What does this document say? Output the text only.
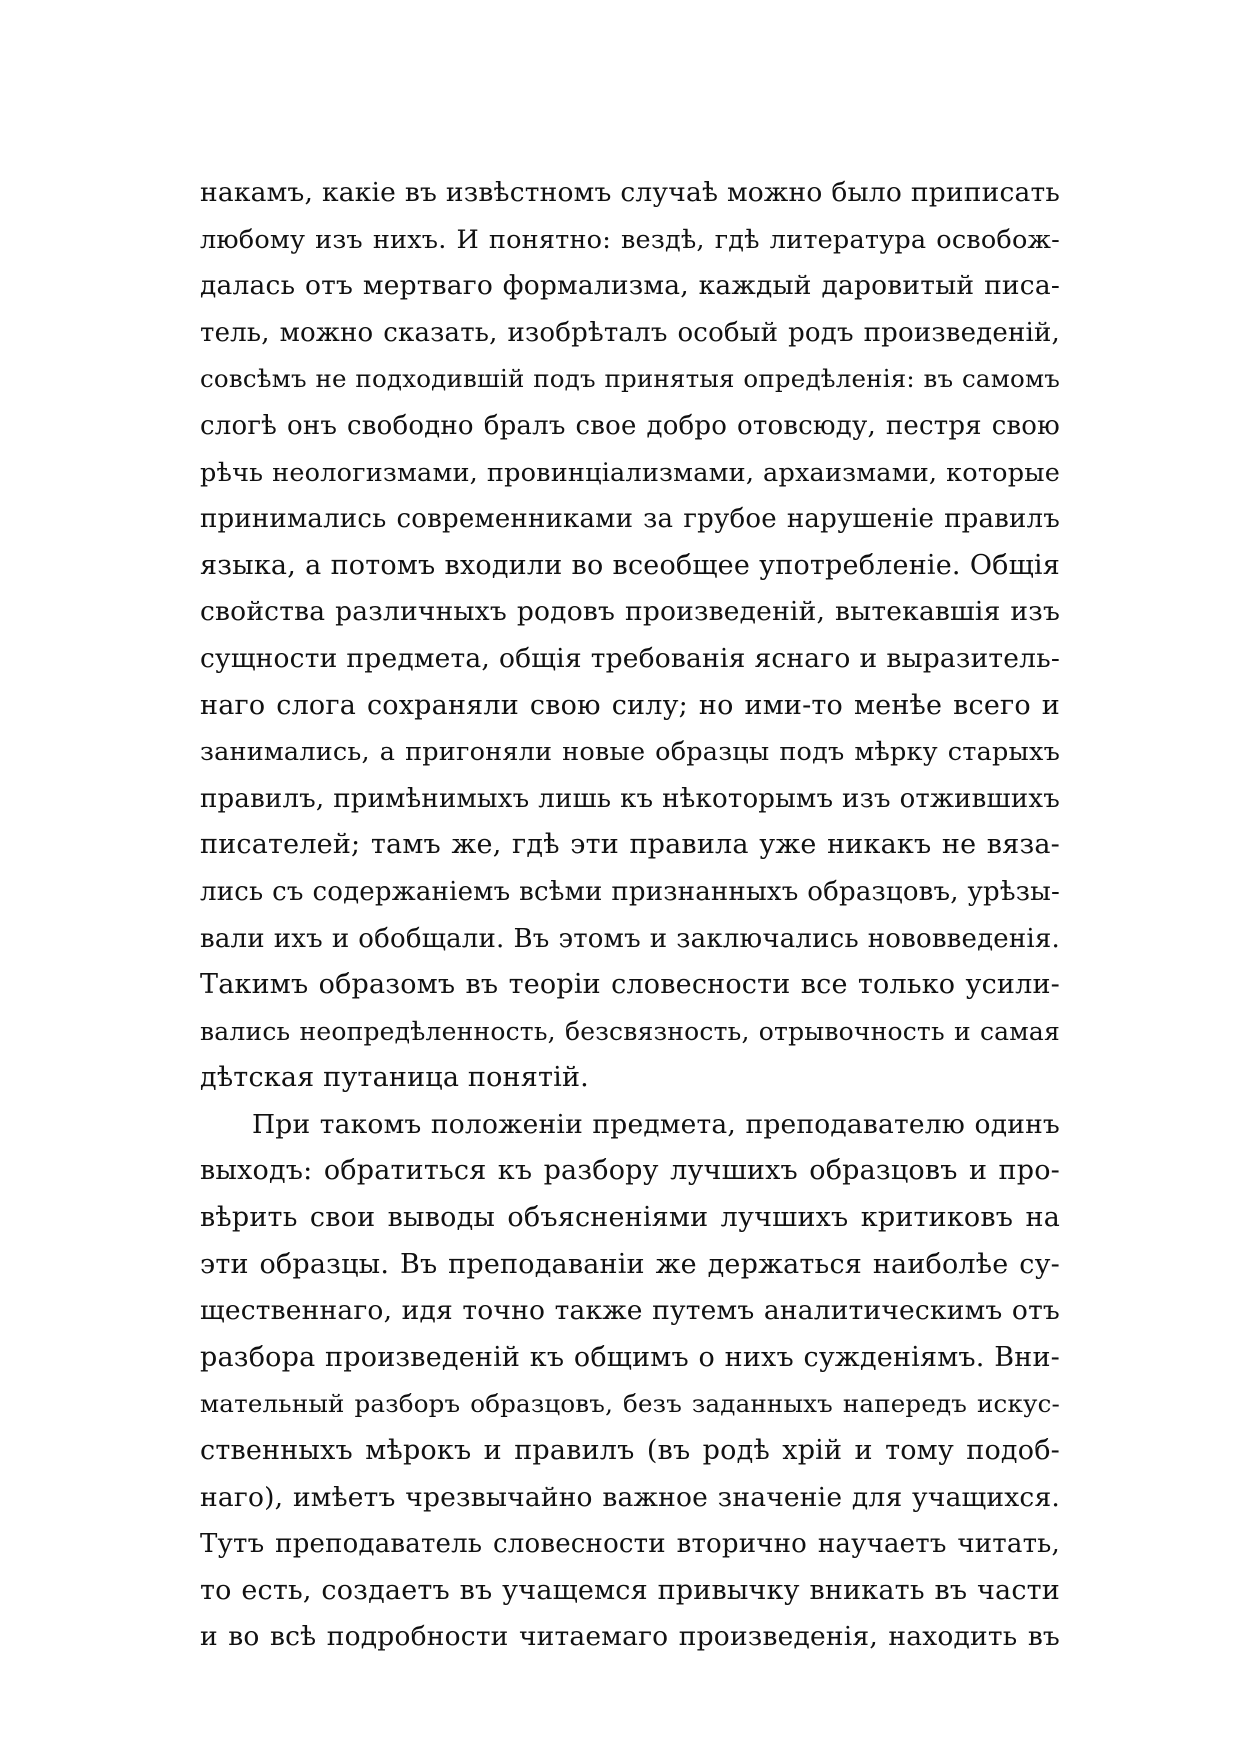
накамъ, какіе въ извѣстномъ случаѣ можно было приписать
любому изъ нихъ. И понятно: вездѣ, гдѣ литература освобож-
далась отъ мертваго формализма, каждый даровитый писа-
тель, можно сказать, изобрѣталъ особый родъ произведеній,
совсѣмъ не подходившій подъ принятыя опредѣленія: въ самомъ
слогѣ онъ свободно бралъ свое добро отовсюду, пестря свою
рѣчь неологизмами, провинціализмами, архаизмами, которые
принимались современниками за грубое нарушеніе правилъ
языка, а потомъ входили во всеобщее употребленіе. Общія
свойства различныхъ родовъ произведеній, вытекавшія изъ
сущности предмета, общія требованія яснаго и выразитель-
наго слога сохраняли свою силу; но ими-то менѣе всего и
занимались, а пригоняли новые образцы подъ мѣрку старыхъ
правилъ, примѣнимыхъ лишь къ нѣкоторымъ изъ отжившихъ
писателей; тамъ же, гдѣ эти правила уже никакъ не вяза-
лись съ содержаніемъ всѣми признанныхъ образцовъ, урѣзы-
вали ихъ и обобщали. Въ этомъ и заключались нововведенія.
Такимъ образомъ въ теоріи словесности все только усили-
вались неопредѣленность, безсвязность, отрывочность и самая
дѣтская путаница понятій.
При такомъ положеніи предмета, преподавателю одинъ
выходъ: обратиться къ разбору лучшихъ образцовъ и про-
вѣрить свои выводы объясненіями лучшихъ критиковъ на
эти образцы. Въ преподаваніи же держаться наиболѣе су-
щественнаго, идя точно также путемъ аналитическимъ отъ
разбора произведеній къ общимъ о нихъ сужденіямъ. Вни-
мательный разборъ образцовъ, безъ заданныхъ напередъ искус-
ственныхъ мѣрокъ и правилъ (въ родѣ хрій и тому подоб-
наго), имѣетъ чрезвычайно важное значеніе для учащихся.
Тутъ преподаватель словесности вторично научаетъ читать,
то есть, создаетъ въ учащемся привычку вникать въ части
и во всѣ подробности читаемаго произведенія, находить въ
